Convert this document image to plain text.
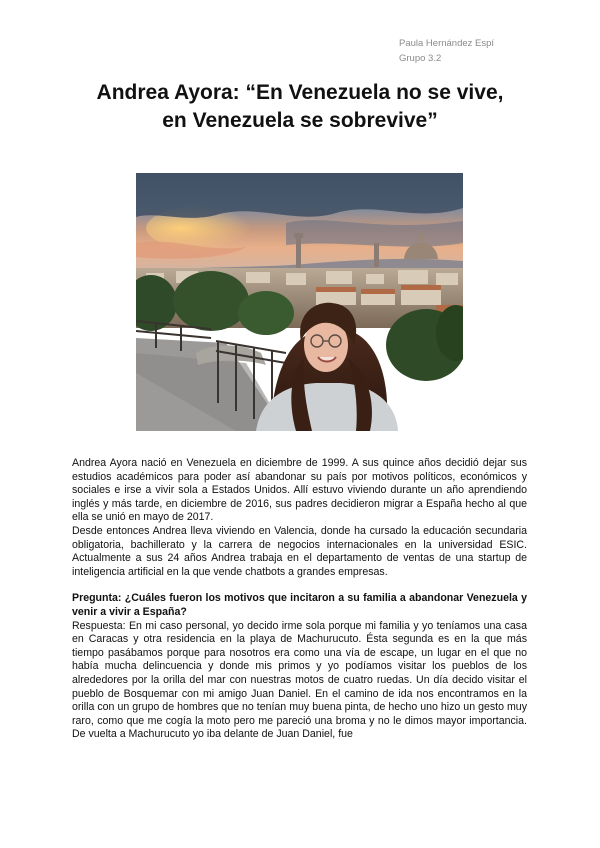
Paula Hernández Espí
Grupo 3.2
Andrea Ayora: “En Venezuela no se vive,
en Venezuela se sobrevive”

Andrea Ayora nació en Venezuela en diciembre de 1999. A sus quince años decidió dejar sus estudios académicos para poder así abandonar su país por motivos políticos, económicos y sociales e irse a vivir sola a Estados Unidos. Allí estuvo viviendo durante un año aprendiendo inglés y más tarde, en diciembre de 2016, sus padres decidieron migrar a España hecho al que ella se unió en mayo de 2017.

Desde entonces Andrea lleva viviendo en Valencia, donde ha cursado la educación secundaria obligatoria, bachillerato y la carrera de negocios internacionales en la universidad ESIC. Actualmente a sus 24 años Andrea trabaja en el departamento de ventas de una startup de inteligencia artificial en la que vende chatbots a grandes empresas.

Pregunta: ¿Cuáles fueron los motivos que incitaron a su familia a abandonar Venezuela y venir a vivir a España?

Respuesta: En mi caso personal, yo decido irme sola porque mi familia y yo teníamos una casa en Caracas y otra residencia en la playa de Machurucuto. Ésta segunda es en la que más tiempo pasábamos porque para nosotros era como una vía de escape, un lugar en el que no había mucha delincuencia y donde mis primos y yo podíamos visitar los pueblos de los alrededores por la orilla del mar con nuestras motos de cuatro ruedas. Un día decido visitar el pueblo de Bosquemar con mi amigo Juan Daniel. En el camino de ida nos encontramos en la orilla con un grupo de hombres que no tenían muy buena pinta, de hecho uno hizo un gesto muy raro, como que me cogía la moto pero me pareció una broma y no le dimos mayor importancia. De vuelta a Machurucuto yo iba delante de Juan Daniel, fue
